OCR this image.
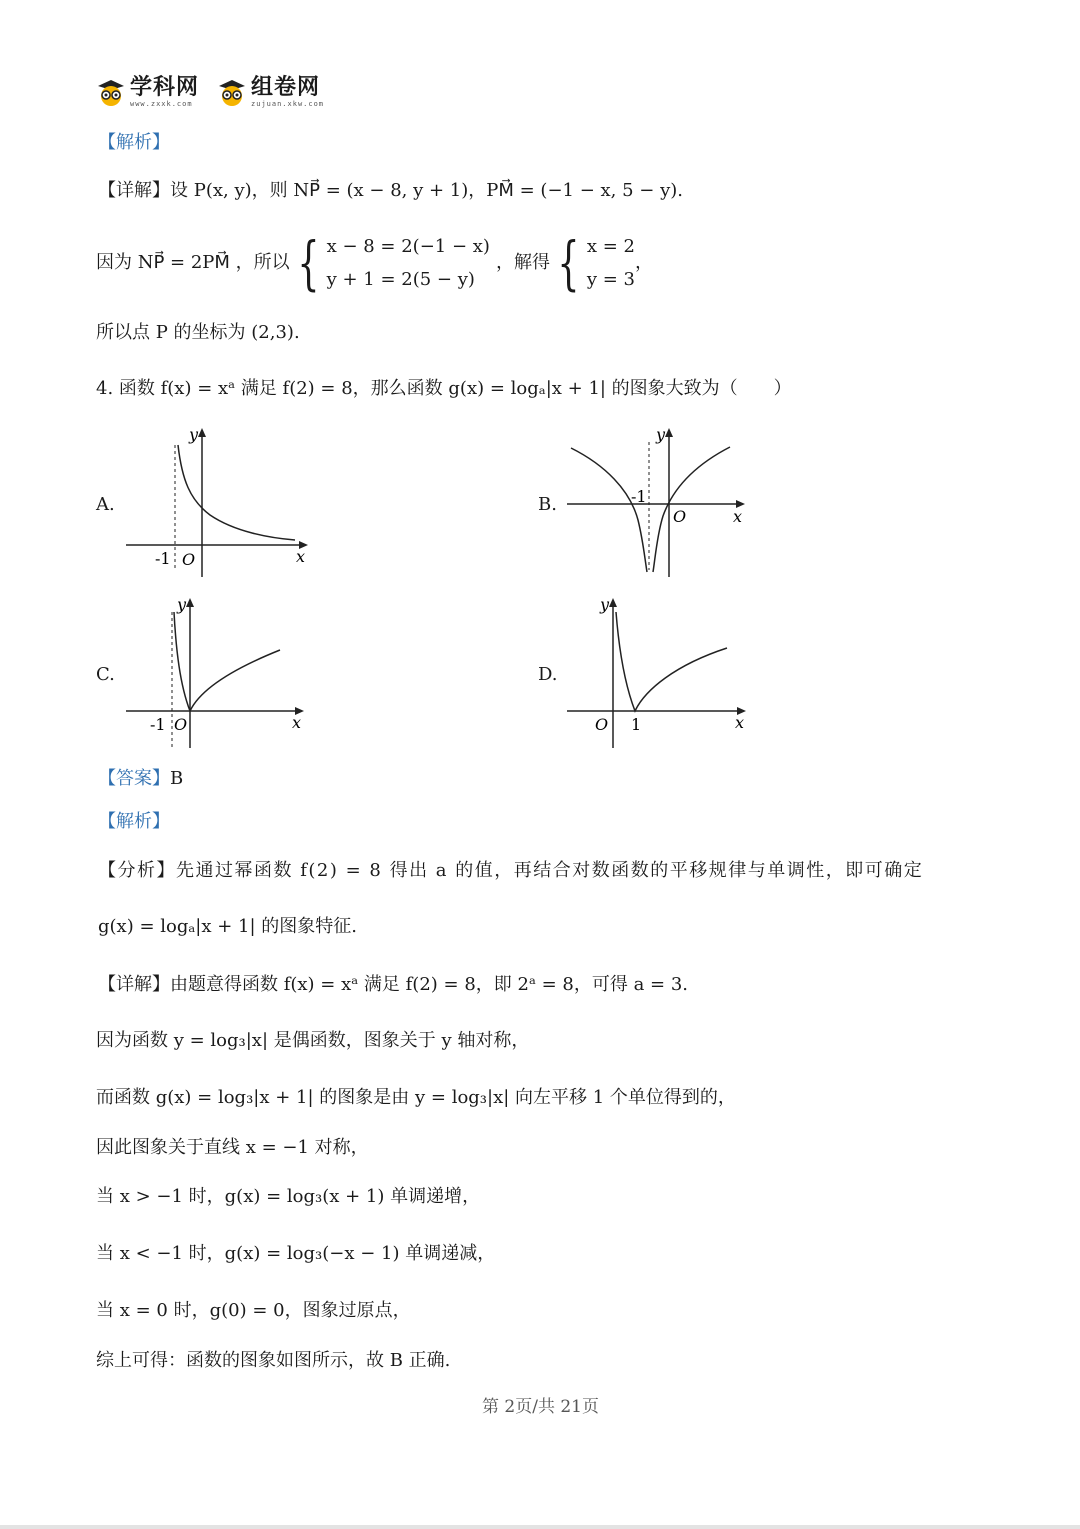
学科网
www.zxxk.com
组卷网
zujuan.xkw.com
【解析】
【详解】设 P(x, y)，则 NP⃗ = (x − 8, y + 1)，PM⃗ = (−1 − x, 5 − y).
因为 NP⃗ = 2PM⃗ ，所以 { x − 8 = 2(−1 − x)
y + 1 = 2(5 − y)
，解得 { x = 2
y = 3
，
所以点 P 的坐标为 (2,3).
4. 函数 f(x) = xᵃ 满足 f(2) = 8，那么函数 g(x) = logₐ|x + 1| 的图象大致为（　　）
A.
y
x
-1 O
B.
y
x
-1
O
C.
y
x
-1 O
D.
y
x
O 1
【答案】B
【解析】
【分析】先通过幂函数 f(2) = 8 得出 a 的值，再结合对数函数的平移规律与单调性，即可确定
g(x) = logₐ|x + 1| 的图象特征.
【详解】由题意得函数 f(x) = xᵃ 满足 f(2) = 8，即 2ᵃ = 8，可得 a = 3.
因为函数 y = log₃|x| 是偶函数，图象关于 y 轴对称，
而函数 g(x) = log₃|x + 1| 的图象是由 y = log₃|x| 向左平移 1 个单位得到的，
因此图象关于直线 x = −1 对称，
当 x > −1 时，g(x) = log₃(x + 1) 单调递增，
当 x < −1 时，g(x) = log₃(−x − 1) 单调递减，
当 x = 0 时，g(0) = 0，图象过原点，
综上可得：函数的图象如图所示，故 B 正确.
第 2页/共 21页
